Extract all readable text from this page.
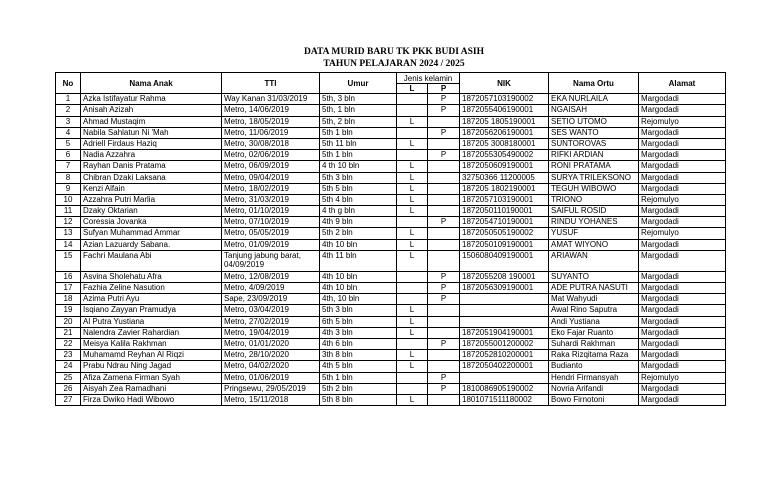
DATA MURID BARU TK PKK BUDI ASIH
TAHUN PELAJARAN 2024 / 2025
No	Nama Anak	TTl	Umur	Jenis kelamin		NIK	Nama Ortu	Alamat
				L	P			
1	Azka Istifayatur Rahma	Way Kanan 31/03/2019	5th, 3 bln		P	1872057103190002	EKA NURLAILA	Margodadi
2	Anisah Azizah	Metro, 14/06/2019	5th, 1 bln		P	1872055406190001	NGAISAH	Margodadi
3	Ahmad Mustaqim	Metro, 18/05/2019	5th, 2 bln	L		187205 1805190001	SETIO UTOMO	Rejomulyo
4	Nabila Sahlatun Ni 'Mah	Metro, 11/06/2019	5th 1 bln		P	1872056206190001	SES WANTO	Margodadi
5	Adriell Firdaus Haziq	Metro, 30/08/2018	5th 11 bln	L		187205 3008180001	SUNTOROVAS	Margodadi
6	Nadia Azzahra	Metro, 02/06/2019	5th 1 bln		P	1872055305490002	RIFKI ARDIAN	Margodadi
7	Rayhan Danis Pratama	Metro, 06/09/2019	4 th 10 bln	L		1872050609190001	RONI PRATAMA	Margodadi
8	Chibran Dzaki Laksana	Metro, 09/04/2019	5th 3 bln	L		32750366 11200005	SURYA TRILEKSONO	Margodadi
9	Kenzi Alfain	Metro, 18/02/2019	5th 5 bln	L		187205 1802190001	TEGUH WIBOWO	Margodadi
10	Azzahra Putri Marlia	Metro, 31/03/2019	5th 4 bln	L		1872057103190001	TRIONO	Rejomulyo
11	Dzaky Oktarian	Metro, 01/10/2019	4 th g bln	L		1872050110190001	SAIFUL ROSID	Margodadi
12	Coressia Jovanka	Metro, 07/10/2019	4th 9 bln		P	1872054710190001	RINDU YOHANES	Margodadi
13	Sufyan Muhammad Ammar	Metro, 05/05/2019	5th 2 bln	L		1872050505190002	YUSUF	Rejomulyo
14	Azian Lazuardy Sabana.	Metro, 01/09/2019	4th 10 bln	L		1872050109190001	AMAT WIYONO	Margodadi
15	Fachri Maulana Abi	Tanjung jabung barat, 04/09/2019	4th 11 bln	L		1506080409190001	ARIAWAN	Margodadi
16	Asvina Sholehatu Afra	Metro, 12/08/2019	4th 10 bln		P	1872055208 190001	SUYANTO	Margodadi
17	Fazhia Zeline Nasution	Metro, 4/09/2019	4th 10 bln		P	1872056309190001	ADE PUTRA NASUTI	Margodadi
18	Azima Putri Ayu	Sape, 23/09/2019	4th, 10 bln		P		Mat Wahyudi	Margodadi
19	Isqiano Zayyan Pramudya	Metro, 03/04/2019	5th 3 bln	L			Awal Rino Saputra	Margodadi
20	Al Putra Yustiana	Metro, 27/02/2019	6th 5 bln	L			Andi Yustiana	Margodadi
21	Nalendra Zavier Rahardian	Metro, 19/04/2019	4th 3 bln	L		1872051904190001	Eko Fajar Ruanto	Margodadi
22	Meisya Kalila Rakhman	Metro, 01/01/2020	4th 6 bln		P	1872055001200002	Suhardi Rakhman	Margodadi
23	Muhamamd Reyhan Al Riqzi	Metro, 28/10/2020	3th 8 bln	L		1872052810200001	Raka Rizqitama Raza	Margodadi
24	Prabu Ndrau Ning Jagad	Metro, 04/02/2020	4th 5 bln	L		1872050402200001	Budianto	Margodadi
25	Afiza Zamena Firman Syah	Metro, 01/06/2019	5th 1 bln		P		Hendri Firmansyah	Rejomulyo
26	Aisyah Zea Ramadhani	Pringsewu, 29/05/2019	5th 2 bln		P	1810086905190002	Novria Arifandi	Margodadi
27	Firza Dwiko Hadi Wibowo	Metro, 15/11/2018	5th 8 bln	L		1801071511180002	Bowo Firnotoni	Margodadi
